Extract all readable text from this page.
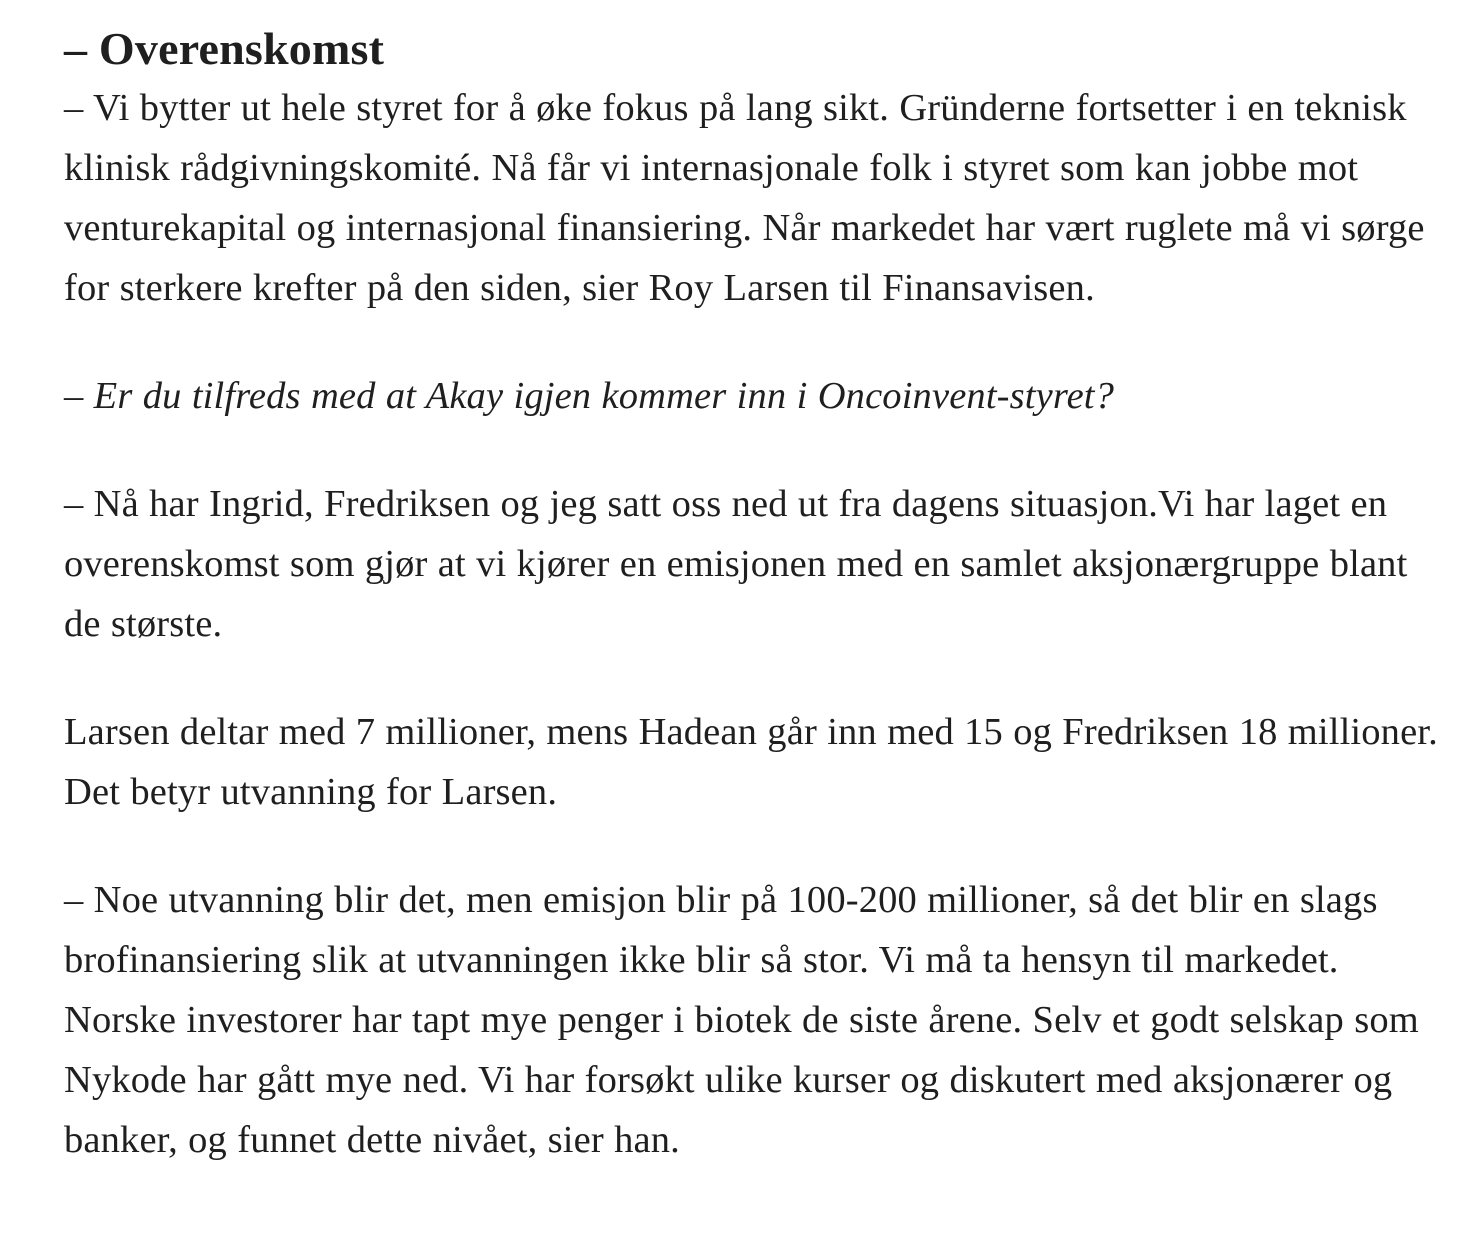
– Overenskomst

– Vi bytter ut hele styret for å øke fokus på lang sikt. Gründerne fortsetter i en teknisk klinisk rådgivningskomité. Nå får vi internasjonale folk i styret som kan jobbe mot venturekapital og internasjonal finansiering. Når markedet har vært ruglete må vi sørge for sterkere krefter på den siden, sier Roy Larsen til Finansavisen.

– Er du tilfreds med at Akay igjen kommer inn i Oncoinvent-styret?

– Nå har Ingrid, Fredriksen og jeg satt oss ned ut fra dagens situasjon.Vi har laget en overenskomst som gjør at vi kjører en emisjonen med en samlet aksjonærgruppe blant de største.

Larsen deltar med 7 millioner, mens Hadean går inn med 15 og Fredriksen 18 millioner. Det betyr utvanning for Larsen.

– Noe utvanning blir det, men emisjon blir på 100-200 millioner, så det blir en slags brofinansiering slik at utvanningen ikke blir så stor. Vi må ta hensyn til markedet. Norske investorer har tapt mye penger i biotek de siste årene. Selv et godt selskap som Nykode har gått mye ned. Vi har forsøkt ulike kurser og diskutert med aksjonærer og banker, og funnet dette nivået, sier han.
